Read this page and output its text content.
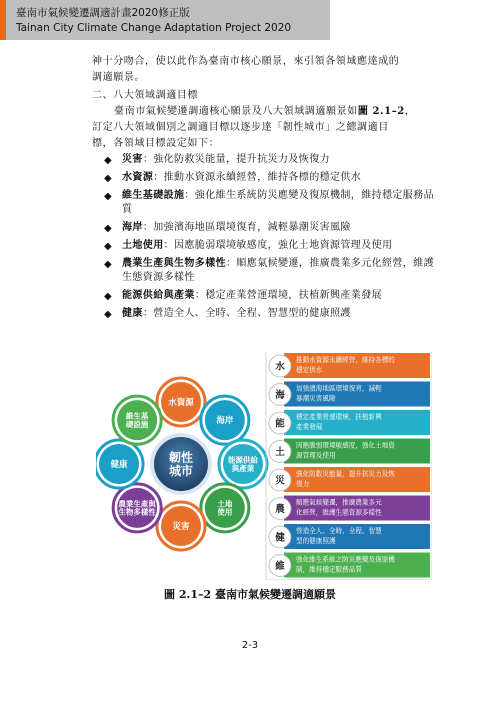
臺南市氣候變遷調適計畫2020修正版
Tainan City Climate Change Adaptation Project 2020
神十分吻合，使以此作為臺南市核心願景，來引領各領域應達成的
調適願景。
二、八大領域調適目標
臺南市氣候變遷調適核心願景及八大領域調適願景如圖 2.1–2，
訂定八大領域個別之調適目標以逐步達「韌性城市」之總調適目
標，各領域目標設定如下：
◆ 災害：強化防救災能量，提升抗災力及恢復力
◆ 水資源：推動水資源永續經營，維持各標的穩定供水
◆ 維生基礎設施：強化維生系統防災應變及復原機制，維持穩定服務品質
◆ 海岸：加強濱海地區環境復育，減輕暴潮災害風險
◆ 土地使用：因應脆弱環境敏感度，強化土地資源管理及使用
◆ 農業生產與生物多樣性：順應氣候變遷，推廣農業多元化經營，維護生態資源多樣性
◆ 能源供給與產業：穩定產業營運環境，扶植新興產業發展
◆ 健康：營造全人、全時、全程、智慧型的健康照護
水資源
海岸
能源供給與產業
土地使用
災害
農業生產與生物多樣性
健康
維生基礎設施
韌性城市
水
推動水資源永續經營，維持各標的
穩定供水
海
加強濱海地區環境復育，減輕
暴潮災害風險
能
穩定產業營運環境，扶植新興
產業發展
土
因應脆弱環境敏感度，強化土地資
源管理及使用
災
強化防救災能量，提升抗災力及恢
復力
農
順應氣候變遷，推廣農業多元
化經營，維護生態資源多樣性
健
營造全人、全時、全程、智慧
型的健康照護
維
強化維生系統之防災應變及復原機
制，維持穩定服務品質
圖 2.1–2 臺南市氣候變遷調適願景
2-3
